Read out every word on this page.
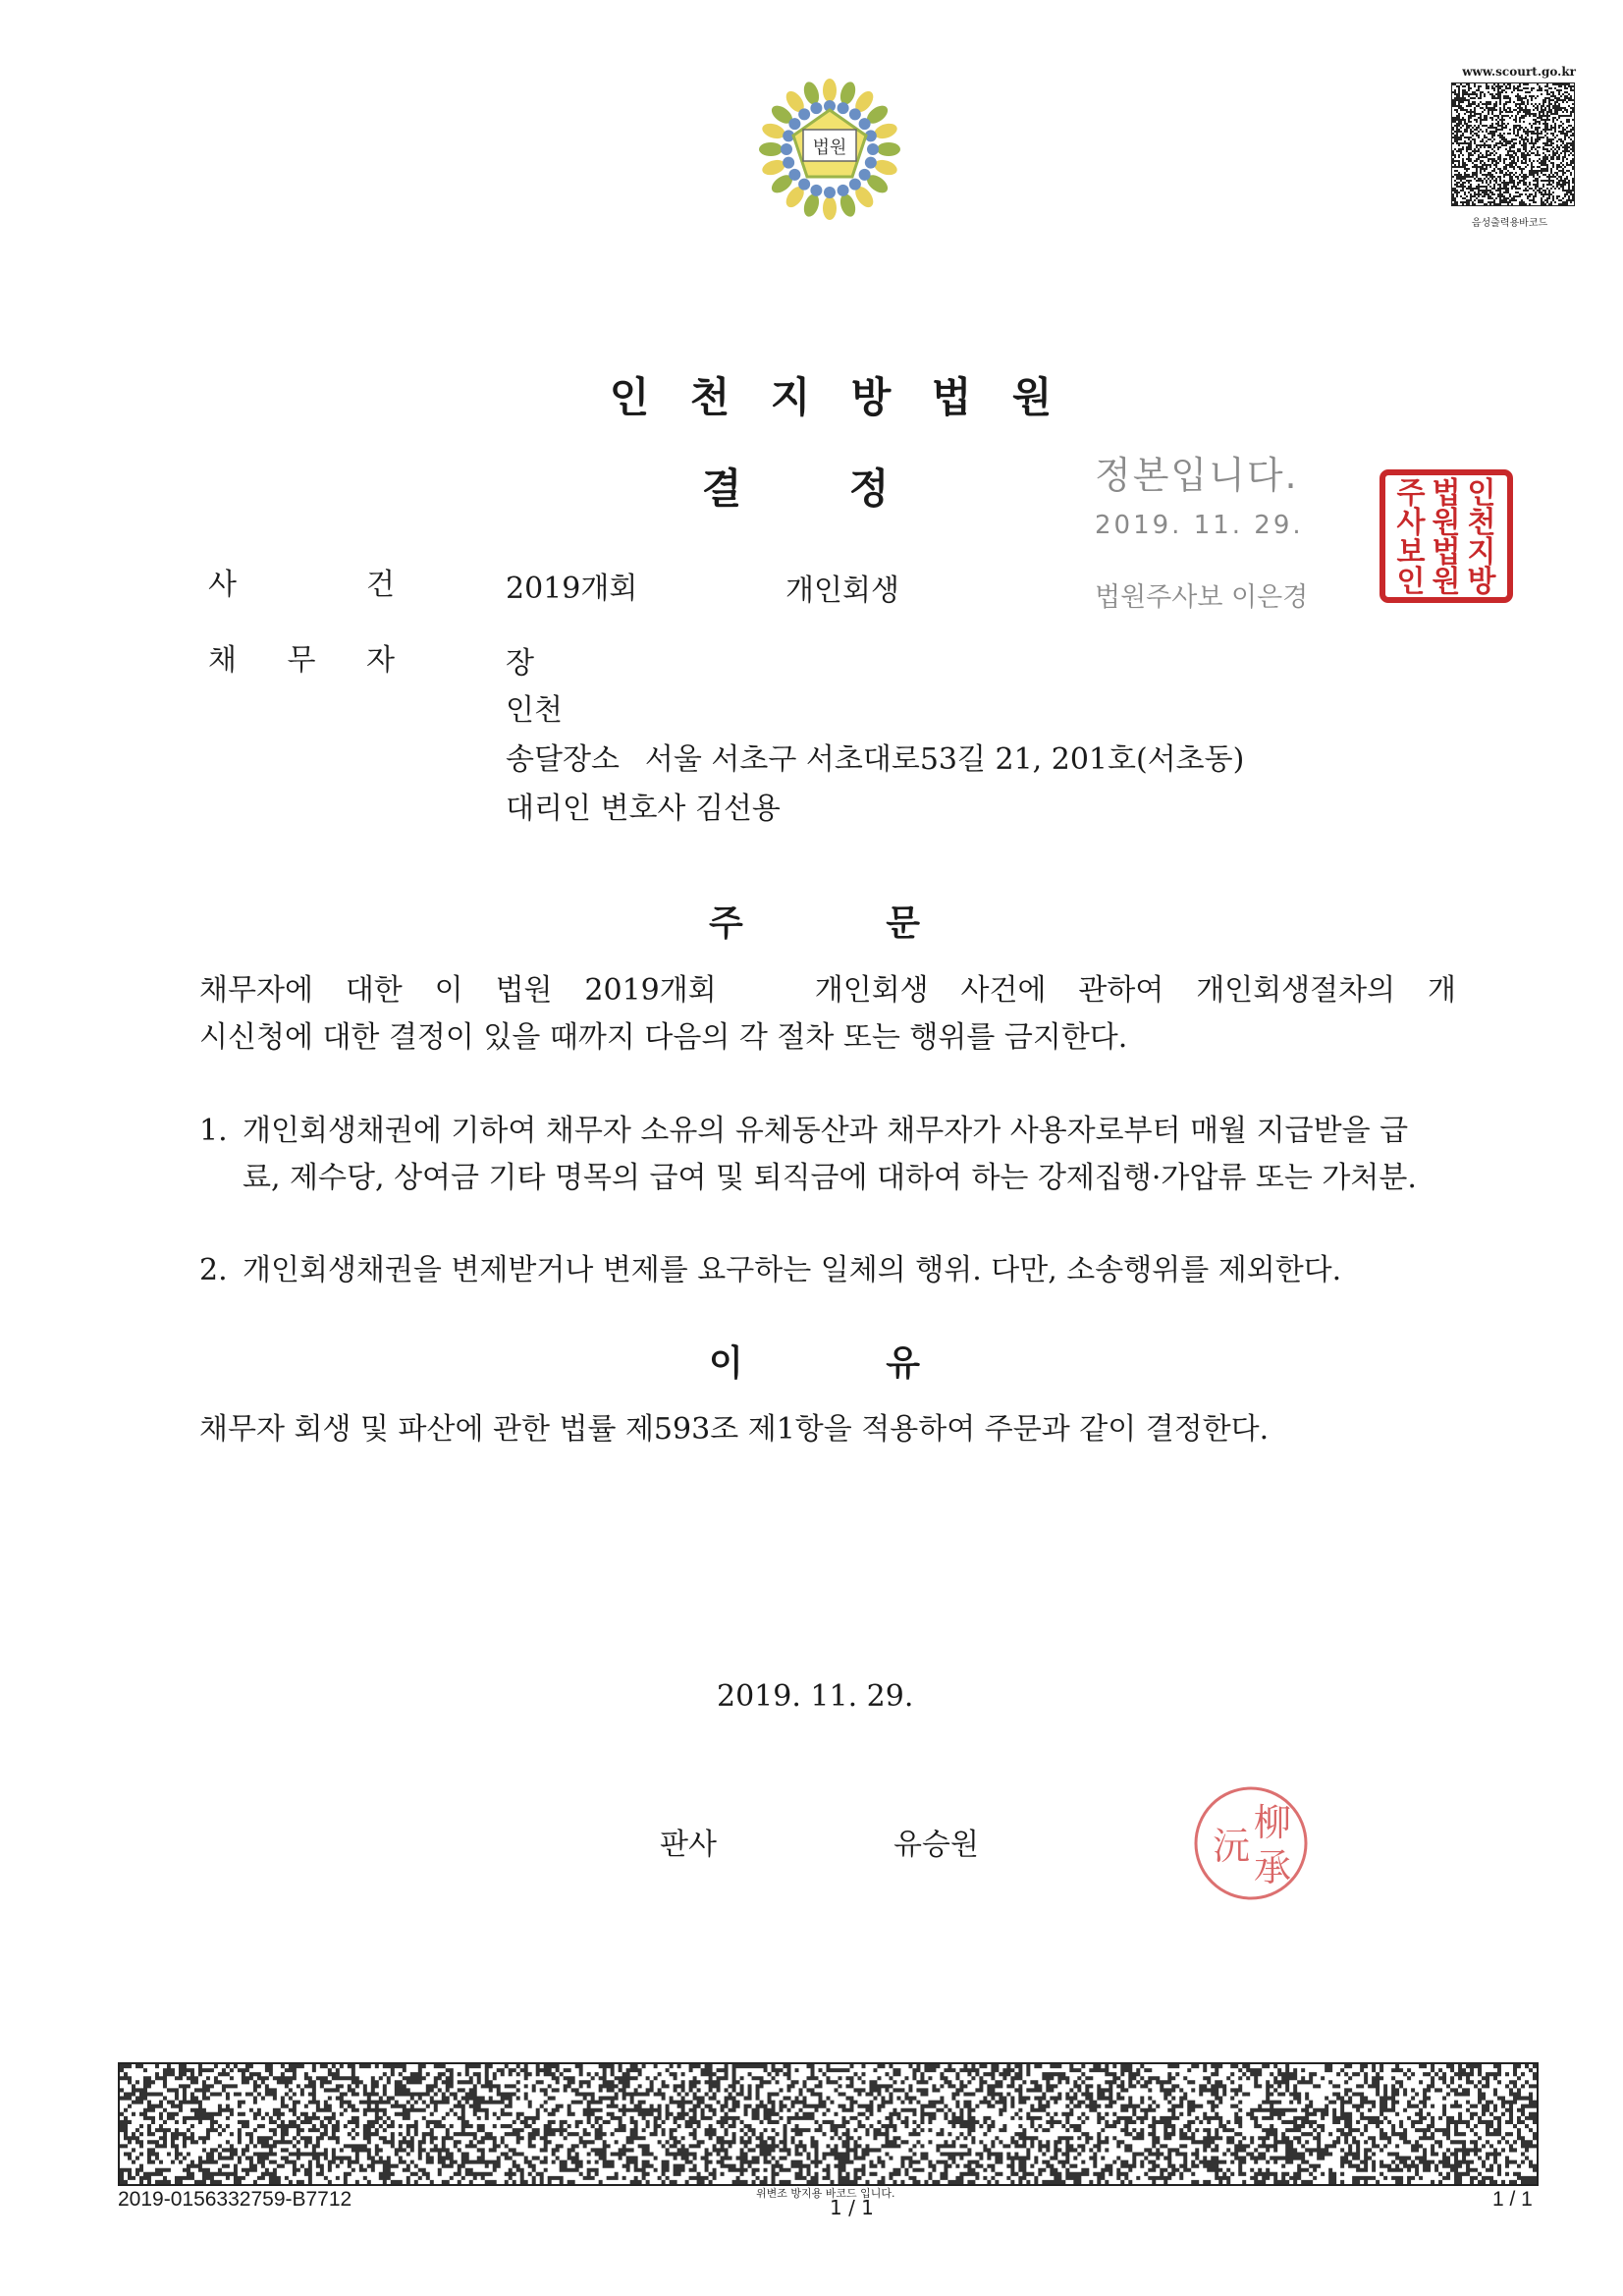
법원
www.scourt.go.kr
음성출력용바코드
인 천 지 방 법 원
결	정	정본입니다.
2019. 11. 29.
법원주사보 이은경
인
천
지
방
법
원
법
원
주
사
보
인
사	건	2019개회	개인회생
채 무 자	장
인천
송달장소 서울 서초구 서초대로53길 21, 201호(서초동)
대리인 변호사 김선용
주	문
채무자에 대한 이 법원 2019개회	개인회생 사건에 관하여 개인회생절차의 개
시신청에 대한 결정이 있을 때까지 다음의 각 절차 또는 행위를 금지한다.
1. 개인회생채권에 기하여 채무자 소유의 유체동산과 채무자가 사용자로부터 매월 지급받을 급료, 제수당, 상여금 기타 명목의 급여 및 퇴직금에 대하여 하는 강제집행·가압류 또는 가처분.
2. 개인회생채권을 변제받거나 변제를 요구하는 일체의 행위. 다만, 소송행위를 제외한다.
이	유
채무자 회생 및 파산에 관한 법률 제593조 제1항을 적용하여 주문과 같이 결정한다.
2019. 11. 29.
판사	유승원
柳
承
沅
2019-0156332759-B7712	위변조 방지용 바코드 입니다.
1 / 1	1 / 1
